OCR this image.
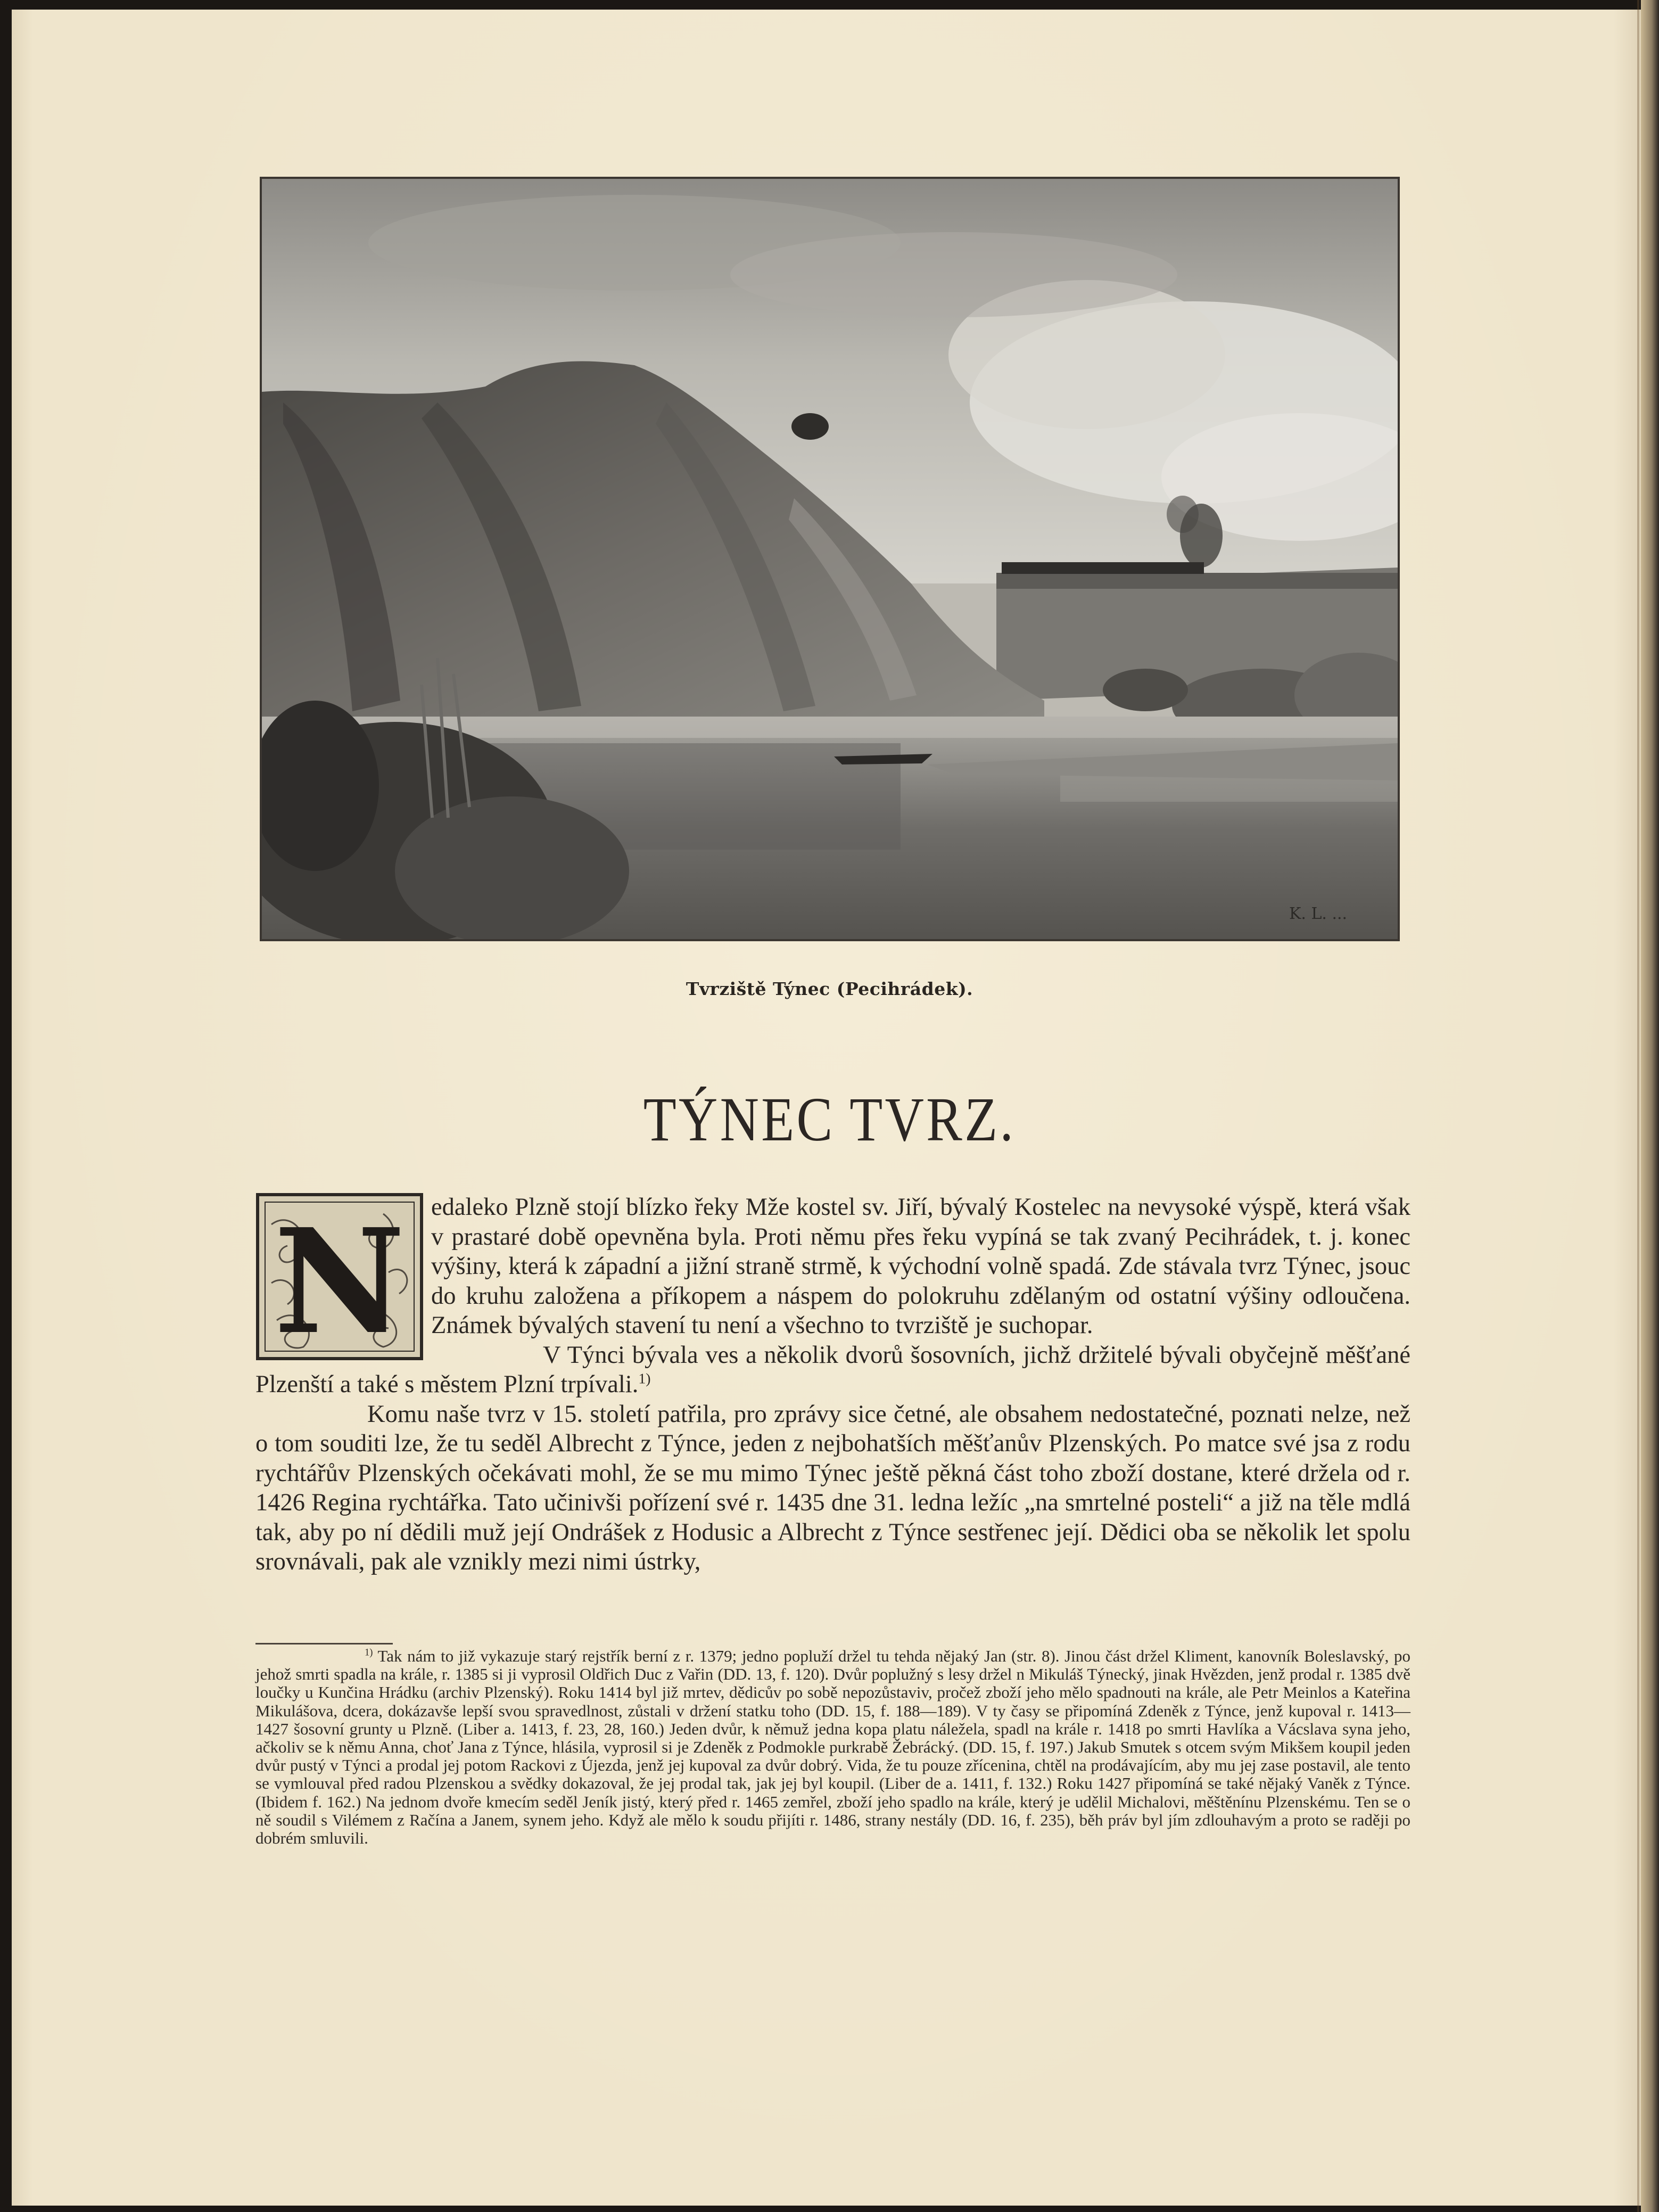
K. L. ...
Tvrziště Týnec (Pecihrádek).
TÝNEC TVRZ.
N	edaleko Plzně stojí blízko řeky Mže kostel sv. Jiří, bývalý Kostelec na nevysoké výspě, která však v prastaré době opevněna byla. Proti němu přes řeku vypíná se tak zvaný Pecihrádek, t. j. konec výšiny, která k západní a jižní straně strmě, k východní volně spadá. Zde stávala tvrz Týnec, jsouc do kruhu založena a příkopem a náspem do polokruhu zdělaným od ostatní výšiny odloučena. Známek bývalých stavení tu není a všechno to tvrziště je suchopar.

V Týnci bývala ves a několik dvorů šosovních, jichž držitelé bývali obyčejně měšťané Plzenští a také s městem Plzní trpívali.$^{1)}$

Komu naše tvrz v 15. století patřila, pro zprávy sice četné, ale obsahem nedostatečné, poznati nelze, než o tom souditi lze, že tu seděl Albrecht z Týnce, jeden z nejbohatších měšťanův Plzenských. Po matce své jsa z rodu rychtářův Plzenských očekávati mohl, že se mu mimo Týnec ještě pěkná část toho zboží dostane, které držela od r. 1426 Regina rychtářka. Tato učinivši pořízení své r. 1435 dne 31. ledna ležíc „na smrtelné posteli“ a již na těle mdlá tak, aby po ní dědili muž její Ondrášek z Hodusic a Albrecht z Týnce sestřenec její. Dědici oba se několik let spolu srovnávali, pak ale vznikly mezi nimi ústrky,

$^{1)}$ Tak nám to již vykazuje starý rejstřík berní z r. 1379; jedno popluží držel tu tehda nějaký Jan (str. 8). Jinou část držel Kliment, kanovník Boleslavský, po jehož smrti spadla na krále, r. 1385 si ji vyprosil Oldřich Duc z Vařin (DD. 13, f. 120). Dvůr poplužný s lesy držel n Mikuláš Týnecký, jinak Hvězden, jenž prodal r. 1385 dvě loučky u Kunčina Hrádku (archiv Plzenský). Roku 1414 byl již mrtev, dědicův po sobě nepozůstaviv, pročež zboží jeho mělo spadnouti na krále, ale Petr Meinlos a Kateřina Mikulášova, dcera, dokázavše lepší svou spravedlnost, zůstali v držení statku toho (DD. 15, f. 188—189). V ty časy se připomíná Zdeněk z Týnce, jenž kupoval r. 1413—1427 šosovní grunty u Plzně. (Liber a. 1413, f. 23, 28, 160.) Jeden dvůr, k němuž jedna kopa platu náležela, spadl na krále r. 1418 po smrti Havlíka a Vácslava syna jeho, ačkoliv se k němu Anna, choť Jana z Týnce, hlásila, vyprosil si je Zdeněk z Podmokle purkrabě Žebrácký. (DD. 15, f. 197.) Jakub Smutek s otcem svým Mikšem koupil jeden dvůr pustý v Týnci a prodal jej potom Rackovi z Újezda, jenž jej kupoval za dvůr dobrý. Vida, že tu pouze zřícenina, chtěl na prodávajícím, aby mu jej zase postavil, ale tento se vymlouval před radou Plzenskou a svědky dokazoval, že jej prodal tak, jak jej byl koupil. (Liber de a. 1411, f. 132.) Roku 1427 připomíná se také nějaký Vaněk z Týnce. (Ibidem f. 162.) Na jednom dvoře kmecím seděl Jeník jistý, který před r. 1465 zemřel, zboží jeho spadlo na krále, který je udělil Michalovi, měštěnínu Plzenskému. Ten se o ně soudil s Vilémem z Račína a Janem, synem jeho. Když ale mělo k soudu přijíti r. 1486, strany nestály (DD. 16, f. 235), běh práv byl jím zdlouhavým a proto se raději po dobrém smluvili.
